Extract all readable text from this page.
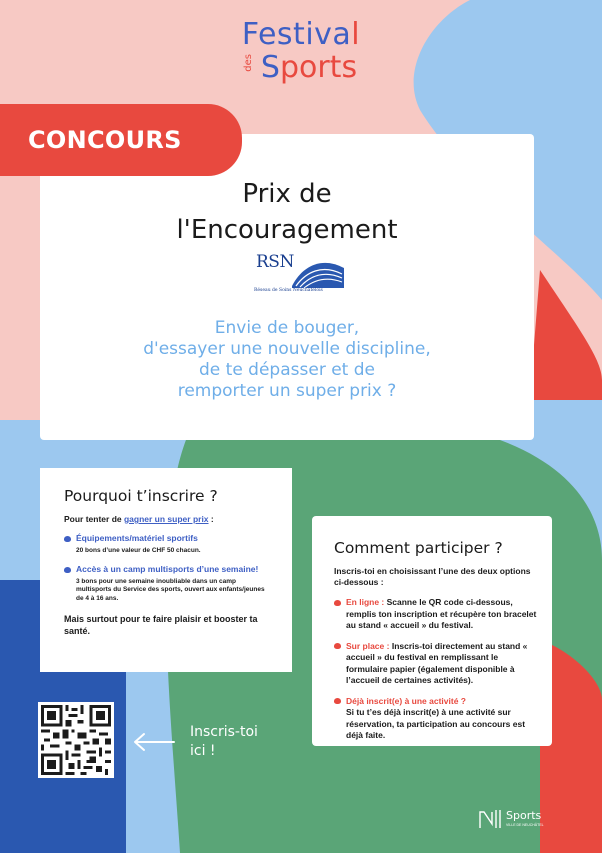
Festival
des Sports
CONCOURS
Prix de
l'Encouragement
RSN
Réseau de Soins Neuchâtelois
Envie de bouger,
d'essayer une nouvelle discipline,
de te dépasser et de
remporter un super prix ?
Pourquoi t’inscrire ?
Pour tenter de gagner un super prix :
Équipements/matériel sportifs
20 bons d’une valeur de CHF 50 chacun.
Accès à un camp multisports d’une semaine!
3 bons pour une semaine inoubliable dans un camp multisports du Service des sports, ouvert aux enfants/jeunes de 4 à 16 ans.
Mais surtout pour te faire plaisir et booster ta santé.
Comment participer ?
Inscris-toi en choisissant l’une des deux options ci-dessous :
En ligne : Scanne le QR code ci-dessous, remplis ton inscription et récupère ton bracelet au stand « accueil » du festival.
Sur place : Inscris-toi directement au stand « accueil » du festival en remplissant le formulaire papier (également disponible à l’accueil de certaines activités).
Déjà inscrit(e) à une activité ?
Si tu t’es déjà inscrit(e) à une activité sur réservation, ta participation au concours est déjà faite.
Inscris-toi
ici !
Sports
VILLE DE NEUCHÂTEL
